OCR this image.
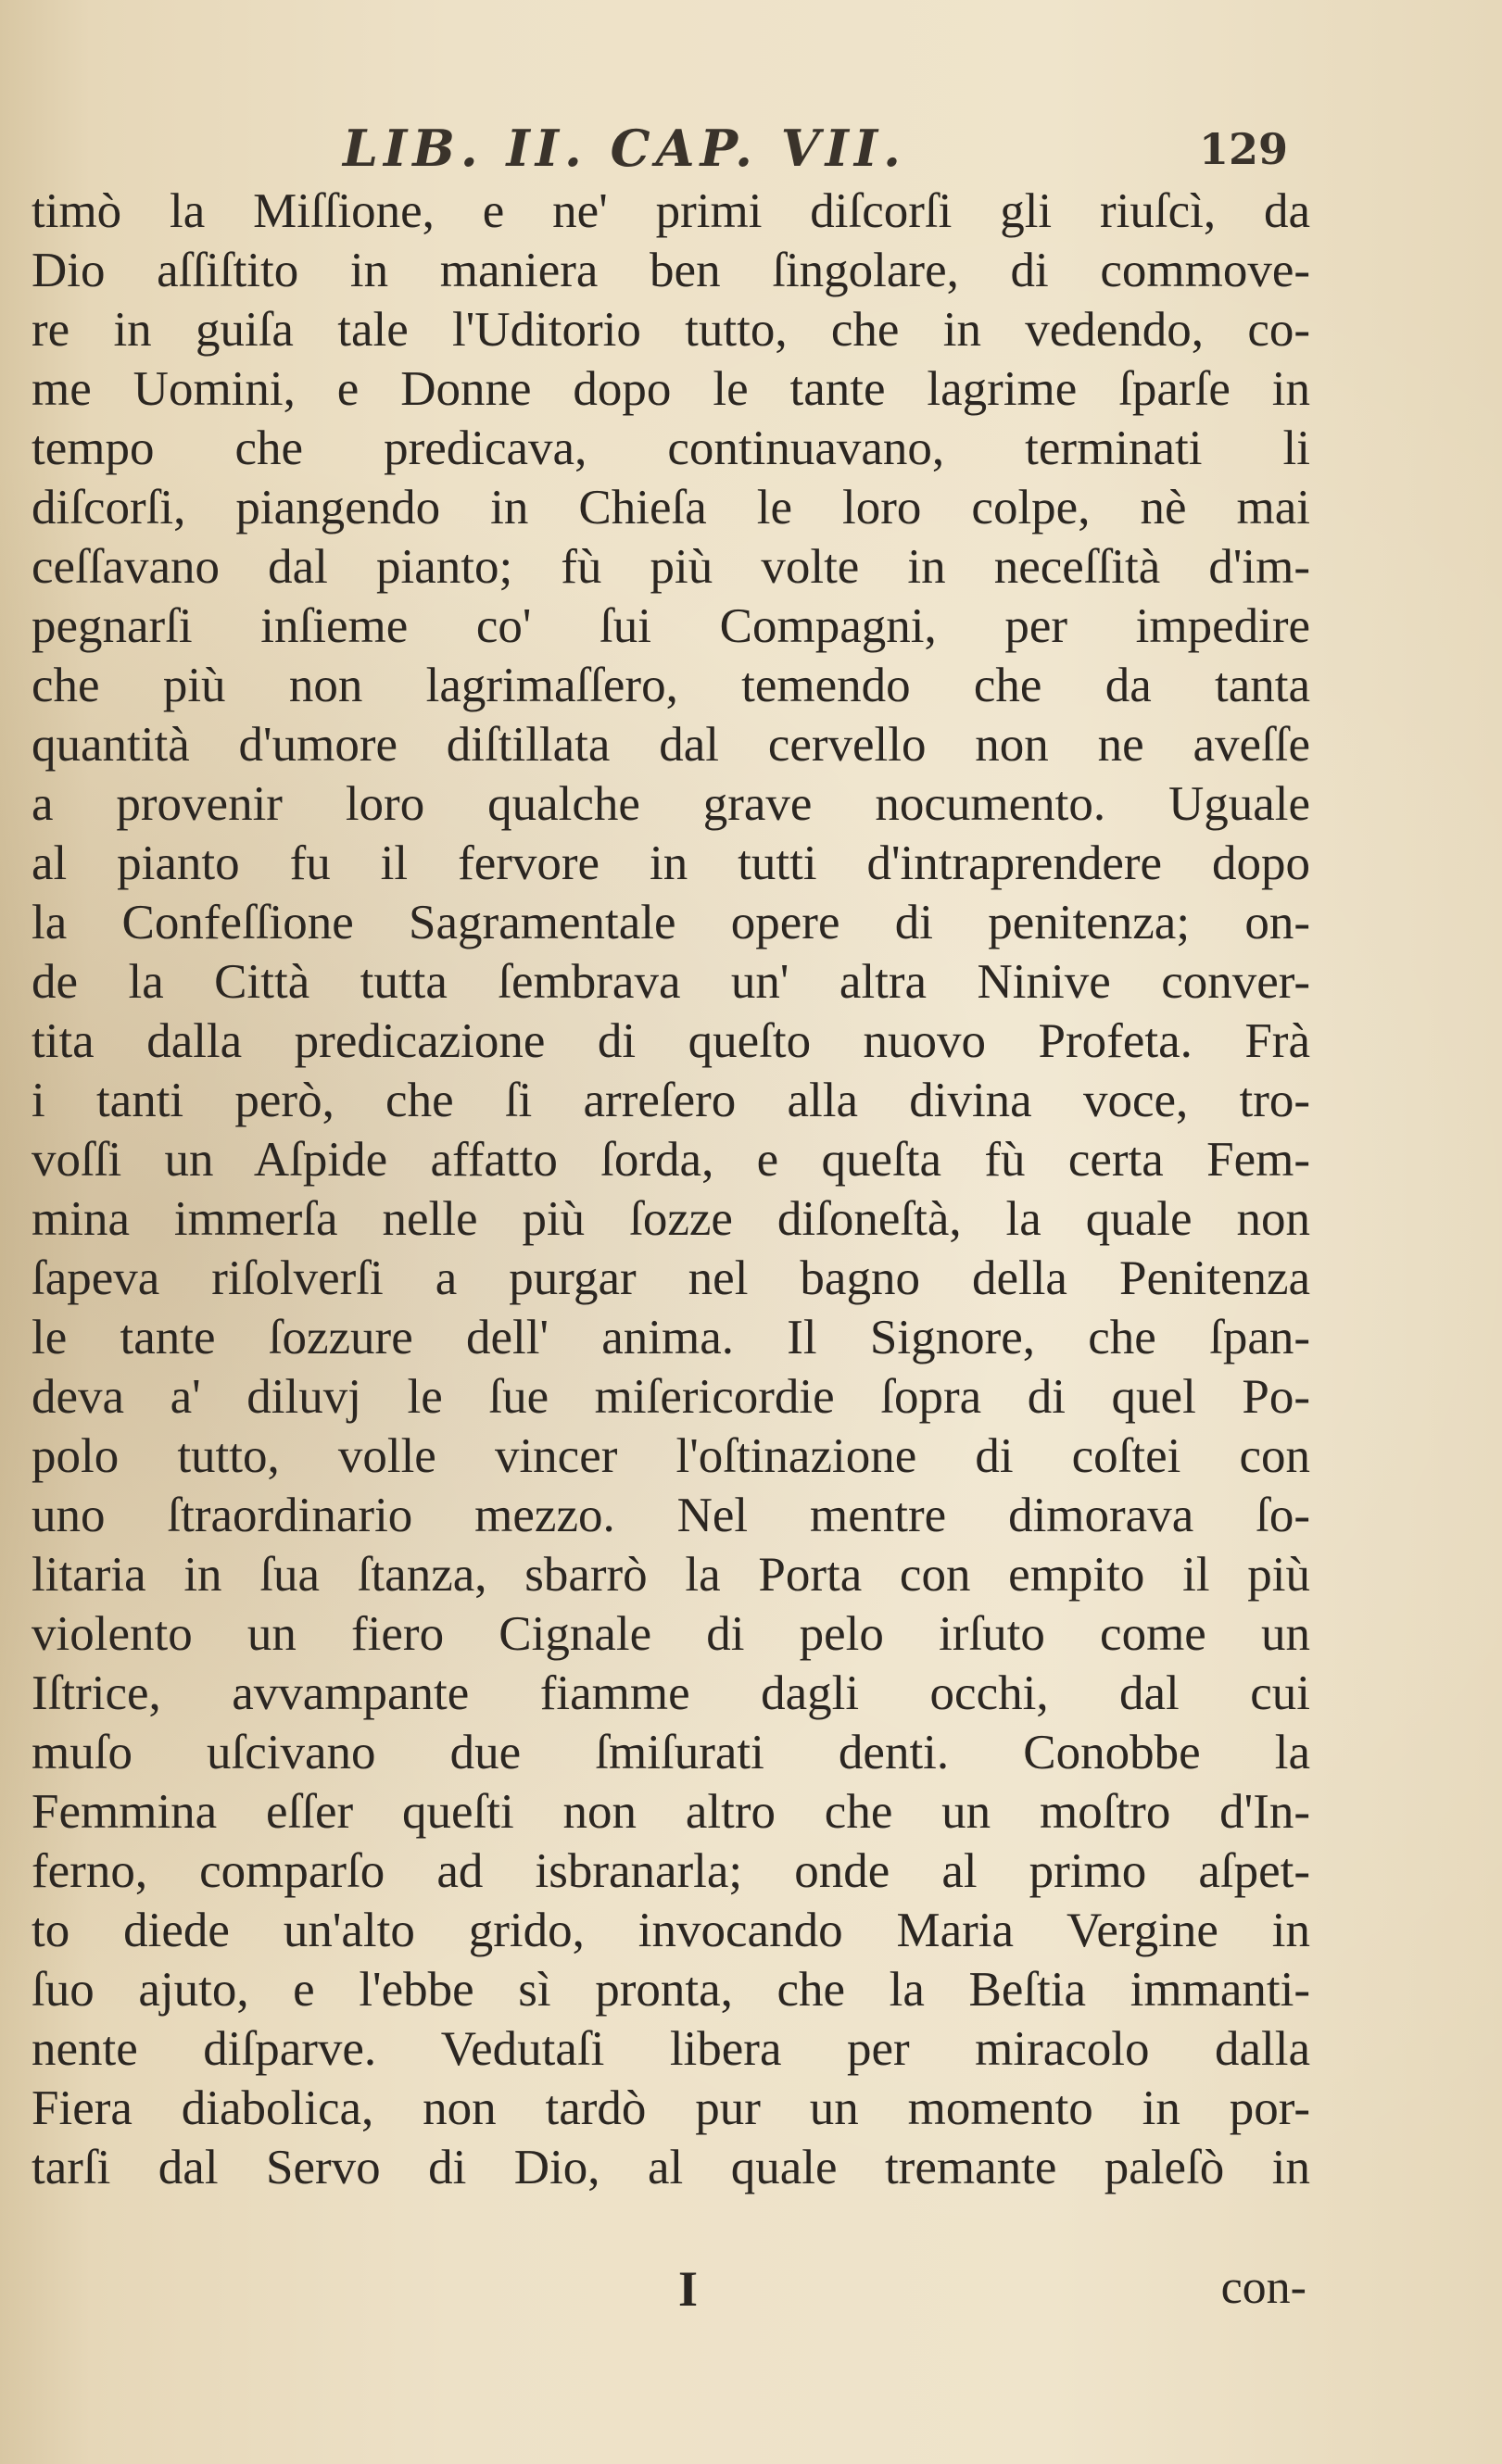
LIB. II. CAP. VII.	129
timò la Miſſione, e ne' primi diſcorſi gli riuſcì, da
Dio aſſiſtito in maniera ben ſingolare, di commove-
re in guiſa tale l'Uditorio tutto, che in vedendo, co-
me Uomini, e Donne dopo le tante lagrime ſparſe in
tempo che predicava, continuavano, terminati li
diſcorſi, piangendo in Chieſa le loro colpe, nè mai
ceſſavano dal pianto; fù più volte in neceſſità d'im-
pegnarſi inſieme co' ſui Compagni, per impedire
che più non lagrimaſſero, temendo che da tanta
quantità d'umore diſtillata dal cervello non ne aveſſe
a provenir loro qualche grave nocumento. Uguale
al pianto fu il fervore in tutti d'intraprendere dopo
la Confeſſione Sagramentale opere di penitenza; on-
de la Città tutta ſembrava un' altra Ninive conver-
tita dalla predicazione di queſto nuovo Profeta. Frà
i tanti però, che ſi arreſero alla divina voce, tro-
voſſi un Aſpide affatto ſorda, e queſta fù certa Fem-
mina immerſa nelle più ſozze diſoneſtà, la quale non
ſapeva riſolverſi a purgar nel bagno della Penitenza
le tante ſozzure dell' anima. Il Signore, che ſpan-
deva a' diluvj le ſue miſericordie ſopra di quel Po-
polo tutto, volle vincer l'oſtinazione di coſtei con
uno ſtraordinario mezzo. Nel mentre dimorava ſo-
litaria in ſua ſtanza, sbarrò la Porta con empito il più
violento un fiero Cignale di pelo irſuto come un
Iſtrice, avvampante fiamme dagli occhi, dal cui
muſo uſcivano due ſmiſurati denti. Conobbe la
Femmina eſſer queſti non altro che un moſtro d'In-
ferno, comparſo ad isbranarla; onde al primo aſpet-
to diede un'alto grido, invocando Maria Vergine in
ſuo ajuto, e l'ebbe sì pronta, che la Beſtia immanti-
nente diſparve. Vedutaſi libera per miracolo dalla
Fiera diabolica, non tardò pur un momento in por-
tarſi dal Servo di Dio, al quale tremante paleſò in
I	con-
